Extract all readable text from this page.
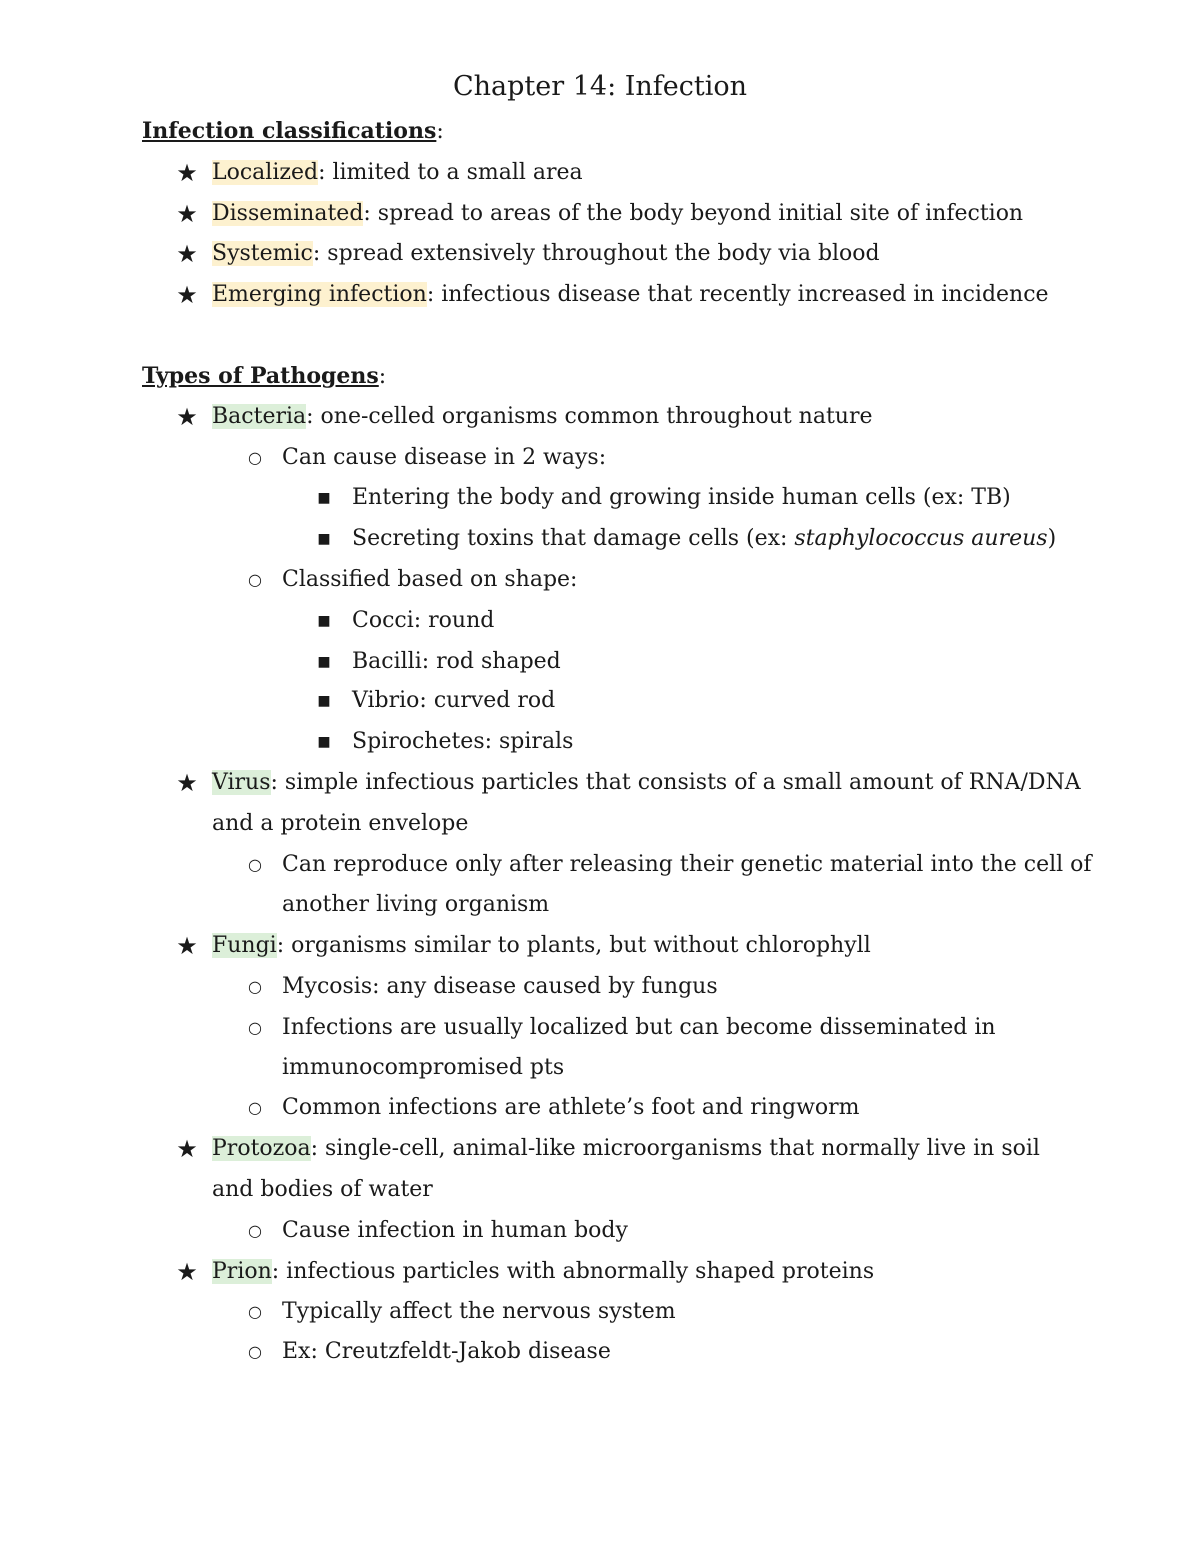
Chapter 14: Infection
Infection classifications:
★ Localized: limited to a small area
★ Disseminated: spread to areas of the body beyond initial site of infection
★ Systemic: spread extensively throughout the body via blood
★ Emerging infection: infectious disease that recently increased in incidence
Types of Pathogens:
★ Bacteria: one-celled organisms common throughout nature
○ Can cause disease in 2 ways:
■ Entering the body and growing inside human cells (ex: TB)
■ Secreting toxins that damage cells (ex: staphylococcus aureus)
○ Classified based on shape:
■ Cocci: round
■ Bacilli: rod shaped
■ Vibrio: curved rod
■ Spirochetes: spirals
★ Virus: simple infectious particles that consists of a small amount of RNA/DNA
and a protein envelope
○ Can reproduce only after releasing their genetic material into the cell of
another living organism
★ Fungi: organisms similar to plants, but without chlorophyll
○ Mycosis: any disease caused by fungus
○ Infections are usually localized but can become disseminated in
immunocompromised pts
○ Common infections are athlete’s foot and ringworm
★ Protozoa: single-cell, animal-like microorganisms that normally live in soil
and bodies of water
○ Cause infection in human body
★ Prion: infectious particles with abnormally shaped proteins
○ Typically affect the nervous system
○ Ex: Creutzfeldt-Jakob disease
